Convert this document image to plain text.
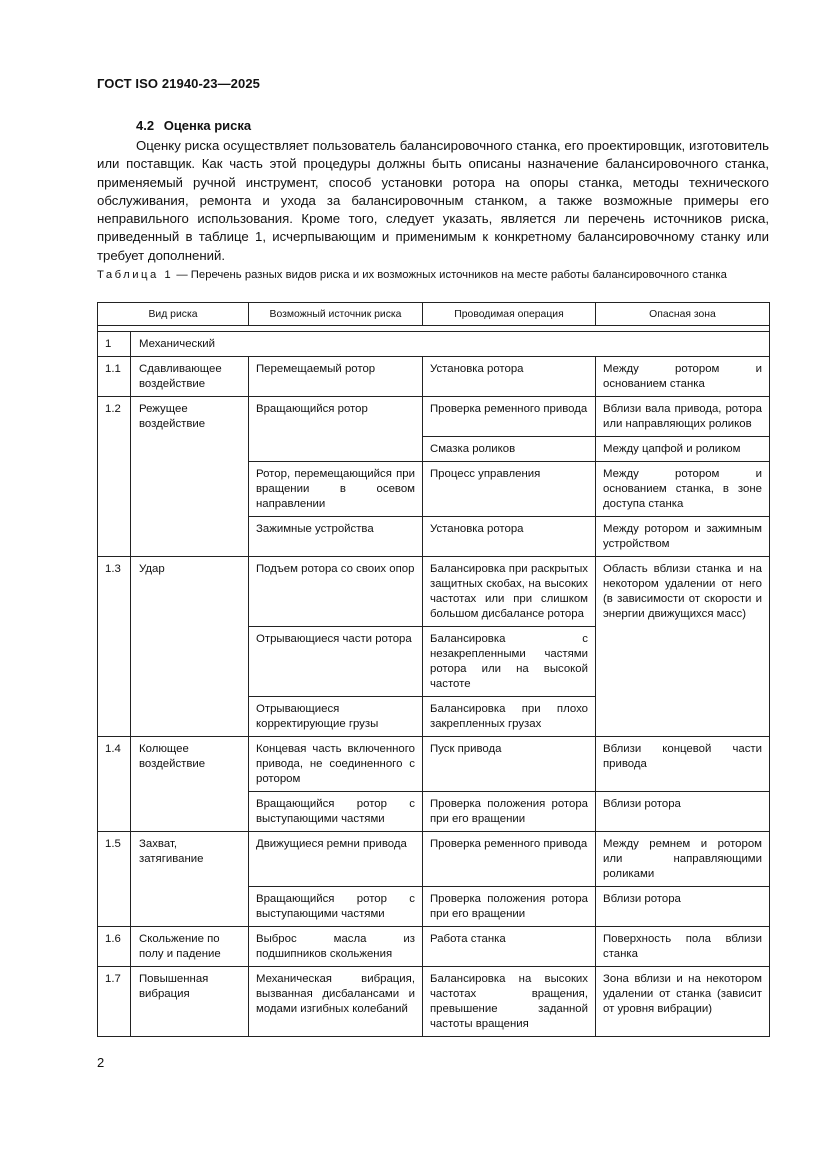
ГОСТ ISO 21940-23—2025
4.2 Оценка риска

Оценку риска осуществляет пользователь балансировочного станка, его проектировщик, изготовитель или поставщик. Как часть этой процедуры должны быть описаны назначение балансировочного станка, применяемый ручной инструмент, способ установки ротора на опоры станка, методы технического обслуживания, ремонта и ухода за балансировочным станком, а также возможные примеры его неправильного использования. Кроме того, следует указать, является ли перечень источников риска, приведенный в таблице 1, исчерпывающим и применимым к конкретному балансировочному станку или требует дополнений.

Таблица 1 — Перечень разных видов риска и их возможных источников на месте работы балансировочного станка

Вид риска		Возможный источник риска	Проводимая операция	Опасная зона

1	Механический			
1.1	Сдавливающее воздействие	Перемещаемый ротор	Установка ротора	Между ротором и основанием станка
1.2	Режущее воздействие	Вращающийся ротор	Проверка ременного привода	Вблизи вала привода, ротора или направляющих роликов
			Смазка роликов	Между цапфой и роликом
		Ротор, перемещающийся при вращении в осевом направлении	Процесс управления	Между ротором и основанием станка, в зоне доступа станка
		Зажимные устройства	Установка ротора	Между ротором и зажимным устройством
1.3	Удар	Подъем ротора со своих опор	Балансировка при раскрытых защитных скобах, на высоких частотах или при слишком большом дисбалансе ротора	Область вблизи станка и на некотором удалении от него (в зависимости от скорости и энергии движущихся масс)
		Отрывающиеся части ротора	Балансировка с незакрепленными частями ротора или на высокой частоте	
		Отрывающиеся корректирующие грузы	Балансировка при плохо закрепленных грузах	
1.4	Колющее воздействие	Концевая часть включенного привода, не соединенного с ротором	Пуск привода	Вблизи концевой части привода
		Вращающийся ротор с выступающими частями	Проверка положения ротора при его вращении	Вблизи ротора
1.5	Захват, затягивание	Движущиеся ремни привода	Проверка ременного привода	Между ремнем и ротором или направляющими роликами
		Вращающийся ротор с выступающими частями	Проверка положения ротора при его вращении	Вблизи ротора
1.6	Скольжение по полу и падение	Выброс масла из подшипников скольжения	Работа станка	Поверхность пола вблизи станка
1.7	Повышенная вибрация	Механическая вибрация, вызванная дисбалансами и модами изгибных колебаний	Балансировка на высоких частотах вращения, превышение заданной частоты вращения	Зона вблизи и на некотором удалении от станка (зависит от уровня вибрации)
2
